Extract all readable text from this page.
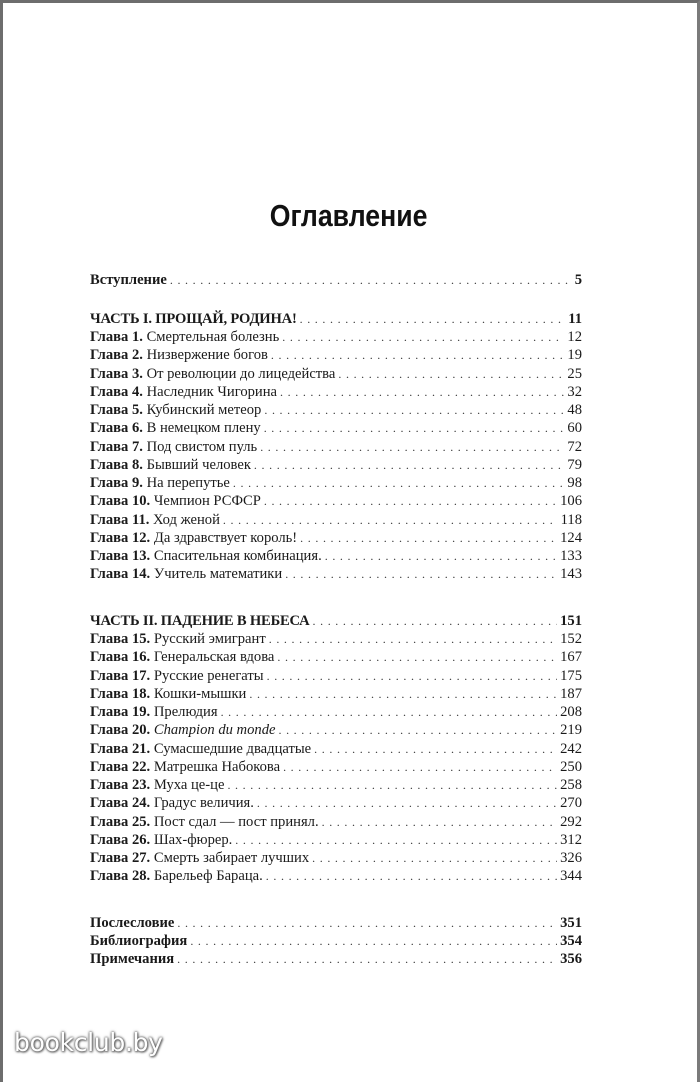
Оглавление
Вступление . . .	5
ЧАСТЬ I. ПРОЩАЙ, РОДИНА! . . .	11
Глава 1. Смертельная болезнь . . .	12
Глава 2. Низвержение богов . . .	19
Глава 3. От революции до лицедейства . . .	25
Глава 4. Наследник Чигорина . . .	32
Глава 5. Кубинский метеор . . .	48
Глава 6. В немецком плену . . .	60
Глава 7. Под свистом пуль . . .	72
Глава 8. Бывший человек . . .	79
Глава 9. На перепутье . . .	98
Глава 10. Чемпион РСФСР . . .	106
Глава 11. Ход женой . . .	118
Глава 12. Да здравствует король! . . .	124
Глава 13. Спасительная комбинация. . . .	133
Глава 14. Учитель математики . . .	143
ЧАСТЬ II. ПАДЕНИЕ В НЕБЕСА . . .	151
Глава 15. Русский эмигрант . . .	152
Глава 16. Генеральская вдова . . .	167
Глава 17. Русские ренегаты . . .	175
Глава 18. Кошки-мышки . . .	187
Глава 19. Прелюдия . . .	208
Глава 20. Champion du monde . . .	219
Глава 21. Сумасшедшие двадцатые . . .	242
Глава 22. Матрешка Набокова . . .	250
Глава 23. Муха це-це . . .	258
Глава 24. Градус величия. . . .	270
Глава 25. Пост сдал — пост принял. . . .	292
Глава 26. Шах-фюрер. . . .	312
Глава 27. Смерть забирает лучших . . .	326
Глава 28. Барельеф Бараца. . . .	344
Послесловие . . .	351
Библиография . . .	354
Примечания . . .	356
bookclub.by
